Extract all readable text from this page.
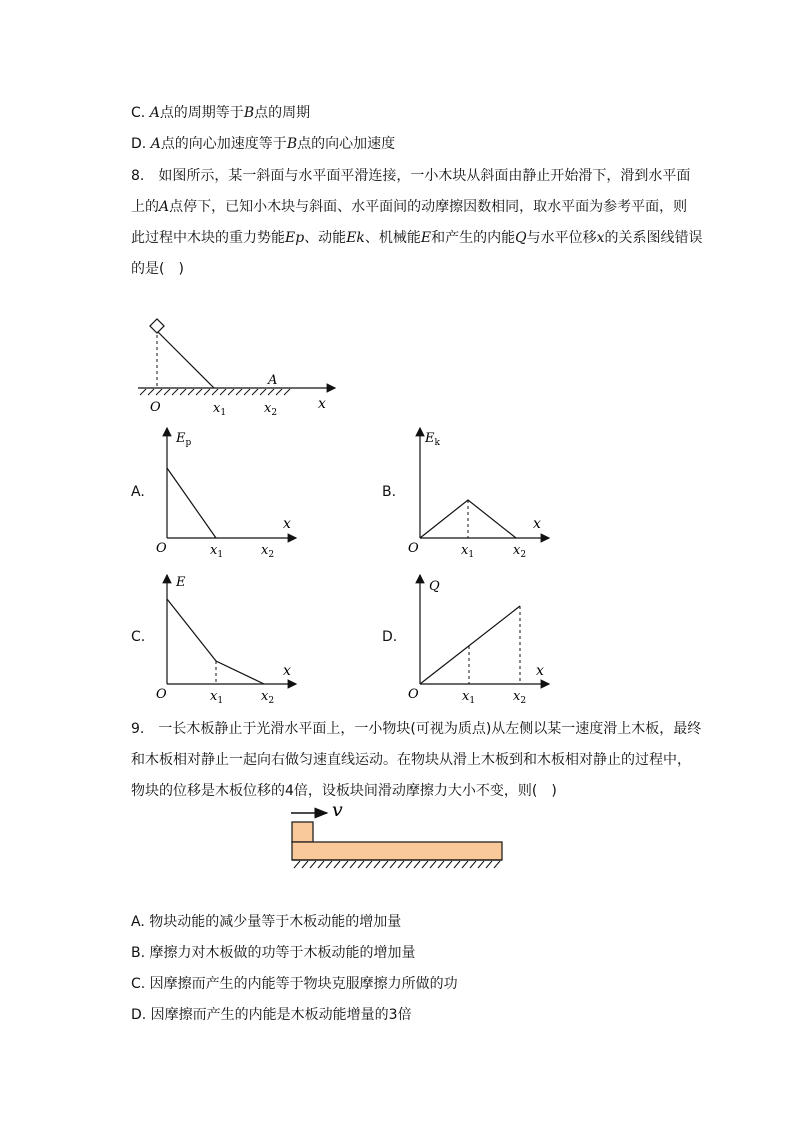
C. A点的周期等于B点的周期
D. A点的向心加速度等于B点的向心加速度
8.　如图所示，某一斜面与水平面平滑连接，一小木块从斜面由静止开始滑下，滑到水平面
上的A点停下，已知小木块与斜面、水平面间的动摩擦因数相同，取水平面为参考平面，则
此过程中木块的重力势能Ep、动能Ek、机械能E和产生的内能Q与水平位移x的关系图线错误
的是(　)
O	$x_1$	$x_2$
A
x
A.
$E_p$
O	$x_1$	$x_2$
x
B.
$E_k$
O	$x_1$	$x_2$
x
C.
E
O	$x_1$	$x_2$
x
D.
Q
O	$x_1$	$x_2$
x
9.　一长木板静止于光滑水平面上，一小物块(可视为质点)从左侧以某一速度滑上木板，最终
和木板相对静止一起向右做匀速直线运动。在物块从滑上木板到和木板相对静止的过程中，
物块的位移是木板位移的4倍，设板块间滑动摩擦力大小不变，则(　)
v
A. 物块动能的减少量等于木板动能的增加量
B. 摩擦力对木板做的功等于木板动能的增加量
C. 因摩擦而产生的内能等于物块克服摩擦力所做的功
D. 因摩擦而产生的内能是木板动能增量的3倍
